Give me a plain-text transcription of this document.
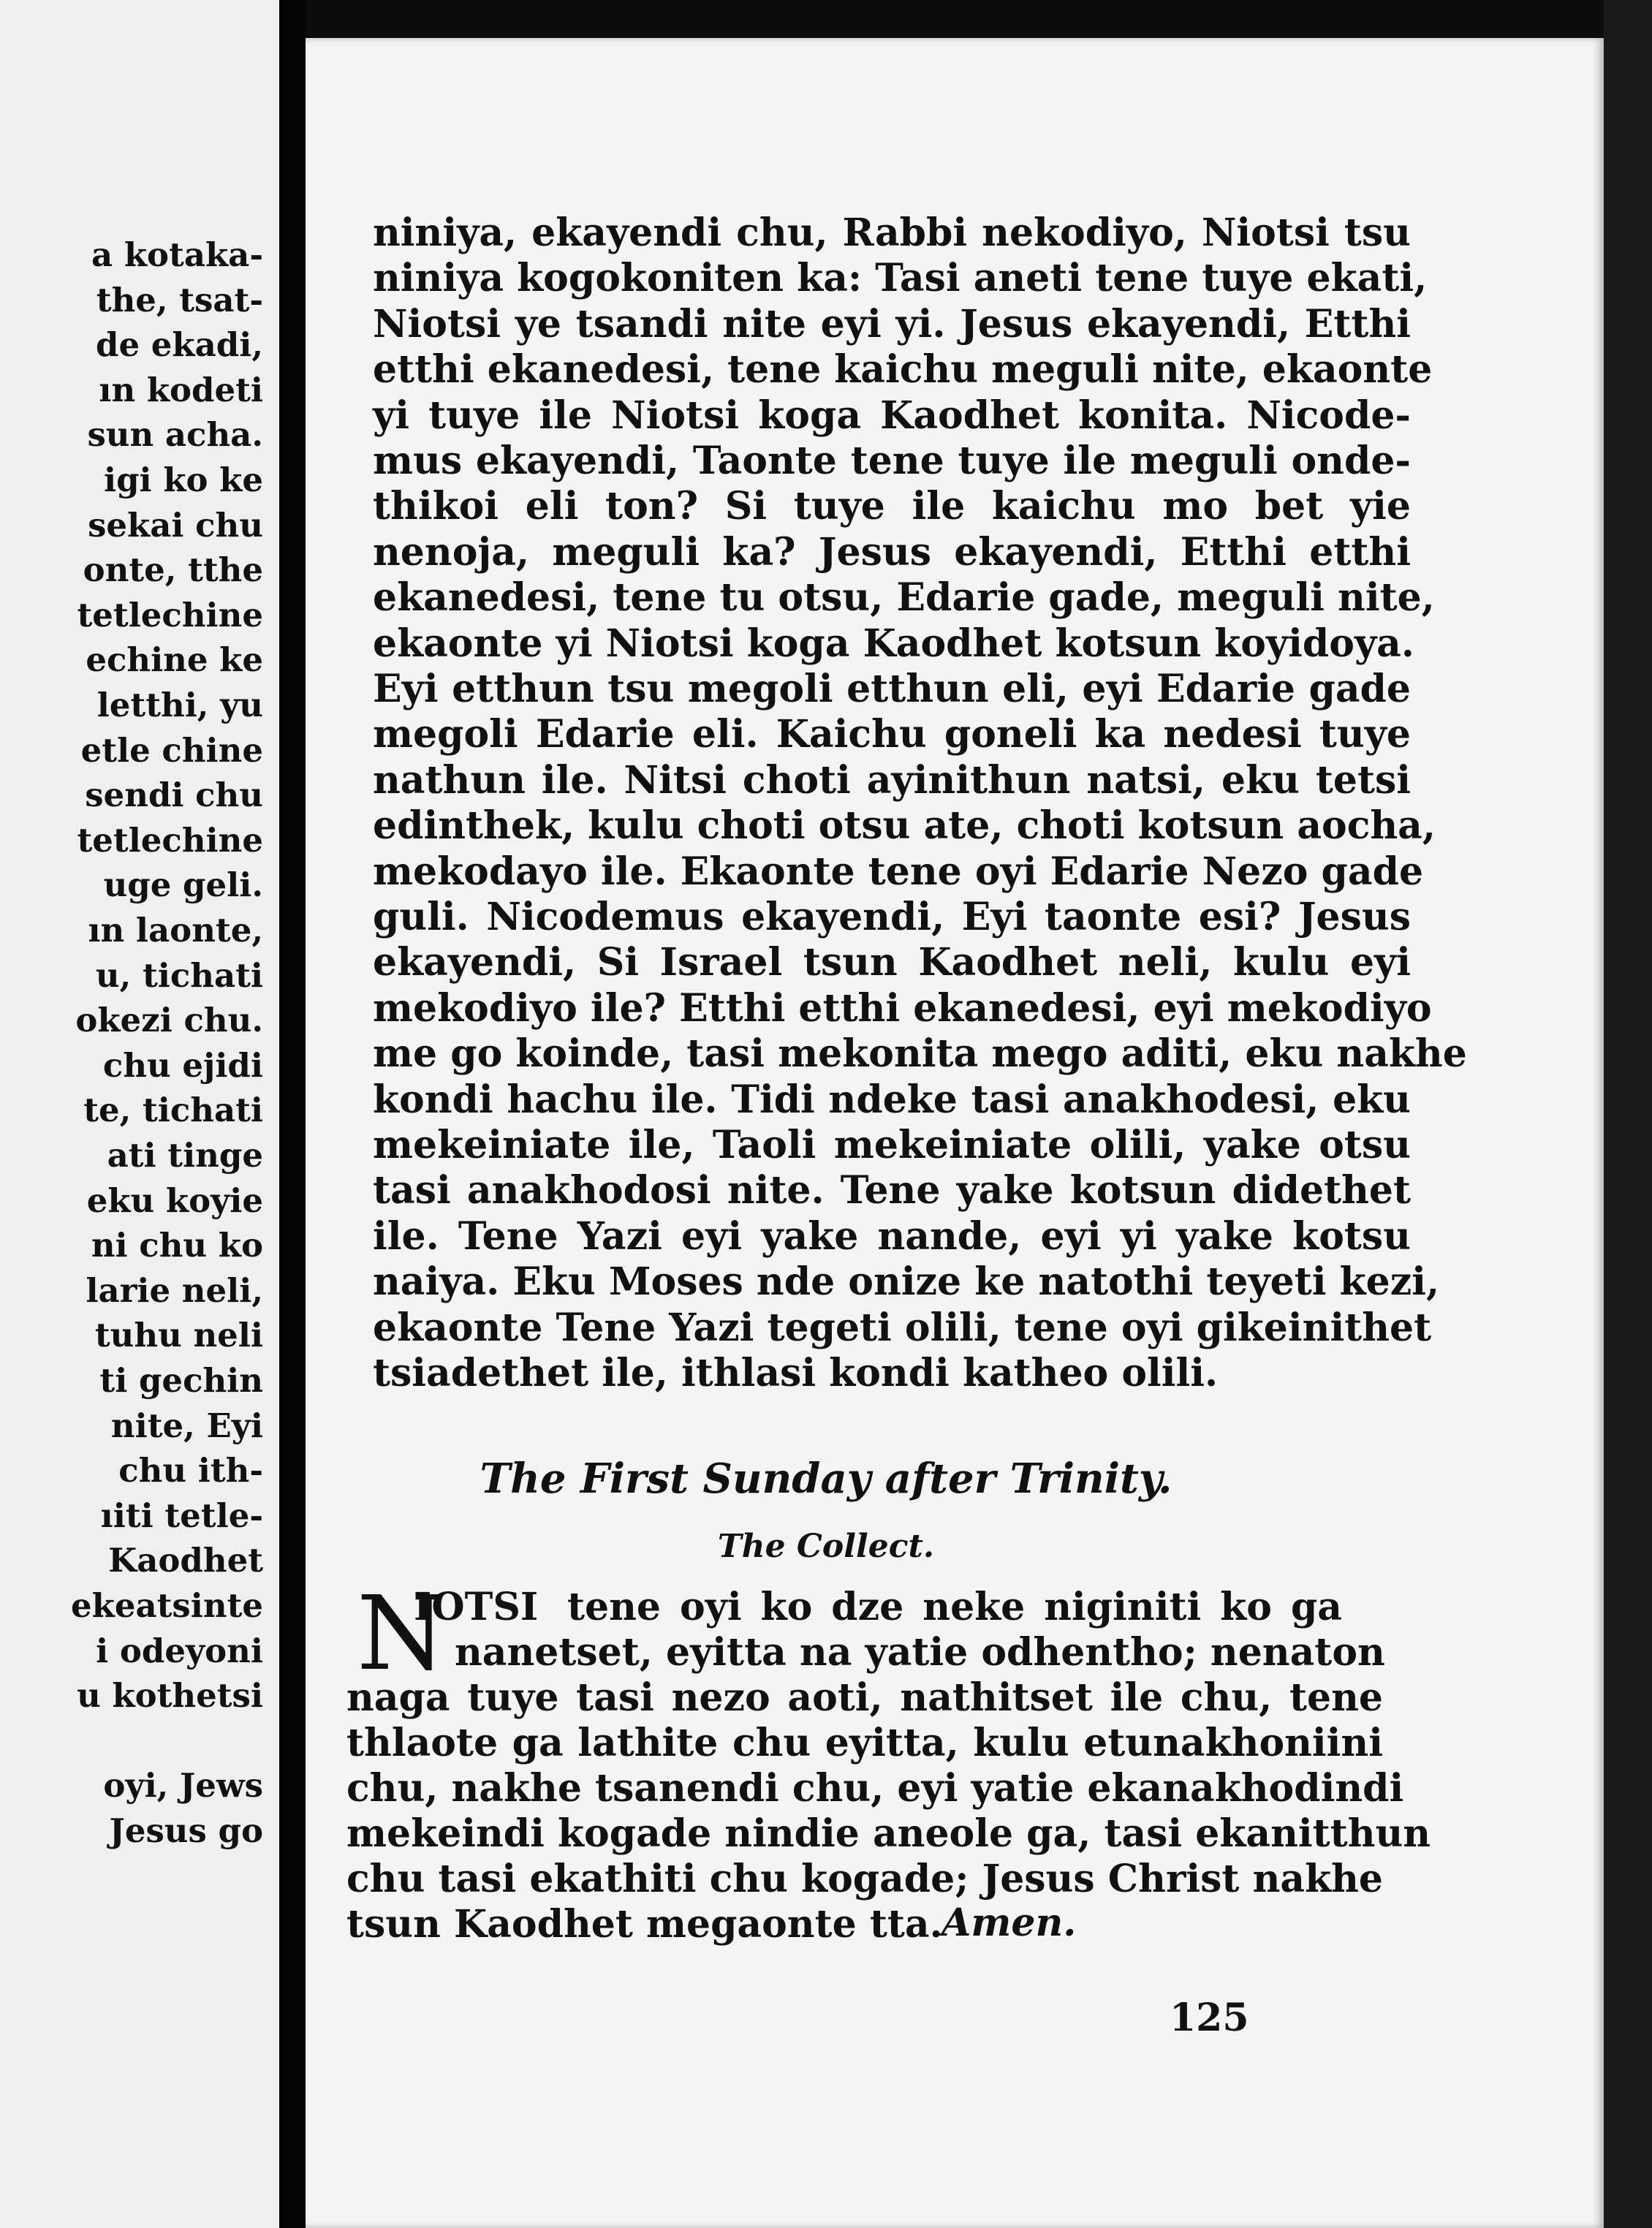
a kotaka-
the, tsat-
de ekadi,
ın kodeti
sun acha.
igi ko ke
sekai chu
onte, tthe
tetlechine
echine ke
letthi, yu
etle chine
sendi chu
tetlechine
uge geli.
ın laonte,
u, tichati
okezi chu.
chu ejidi
te, tichati
ati tinge
eku koyie
ni chu ko
larie neli,
tuhu neli
ti gechin
nite, Eyi
chu ith-
ıiti tetle-
Kaodhet
ekeatsinte
i odeyoni
u kothetsi
oyi, Jews
Jesus go
niniya, ekayendi chu, Rabbi nekodiyo, Niotsi tsu
niniya kogokoniten ka: Tasi aneti tene tuye ekati,
Niotsi ye tsandi nite eyi yi. Jesus ekayendi, Etthi
etthi ekanedesi, tene kaichu meguli nite, ekaonte
yi tuye ile Niotsi koga Kaodhet konita. Nicode-
mus ekayendi, Taonte tene tuye ile meguli onde-
thikoi eli ton? Si tuye ile kaichu mo bet yie
nenoja, meguli ka? Jesus ekayendi, Etthi etthi
ekanedesi, tene tu otsu, Edarie gade, meguli nite,
ekaonte yi Niotsi koga Kaodhet kotsun koyidoya.
Eyi etthun tsu megoli etthun eli, eyi Edarie gade
megoli Edarie eli. Kaichu goneli ka nedesi tuye
nathun ile. Nitsi choti ayinithun natsi, eku tetsi
edinthek, kulu choti otsu ate, choti kotsun aocha,
mekodayo ile. Ekaonte tene oyi Edarie Nezo gade
guli. Nicodemus ekayendi, Eyi taonte esi? Jesus
ekayendi, Si Israel tsun Kaodhet neli, kulu eyi
mekodiyo ile? Etthi etthi ekanedesi, eyi mekodiyo
me go koinde, tasi mekonita mego aditi, eku nakhe
kondi hachu ile. Tidi ndeke tasi anakhodesi, eku
mekeiniate ile, Taoli mekeiniate olili, yake otsu
tasi anakhodosi nite. Tene yake kotsun didethet
ile. Tene Yazi eyi yake nande, eyi yi yake kotsu
naiya. Eku Moses nde onize ke natothi teyeti kezi,
ekaonte Tene Yazi tegeti olili, tene oyi gikeinithet
tsiadethet ile, ithlasi kondi katheo olili.
The First Sunday after Trinity.
The Collect.
N
IOTSI tene oyi ko dze neke niginiti ko ga
nanetset, eyitta na yatie odhentho; nenaton
naga tuye tasi nezo aoti, nathitset ile chu, tene
thlaote ga lathite chu eyitta, kulu etunakhoniini
chu, nakhe tsanendi chu, eyi yatie ekanakhodindi
mekeindi kogade nindie aneole ga, tasi ekanitthun
chu tasi ekathiti chu kogade; Jesus Christ nakhe
tsun Kaodhet megaonte tta.
Amen.
125
